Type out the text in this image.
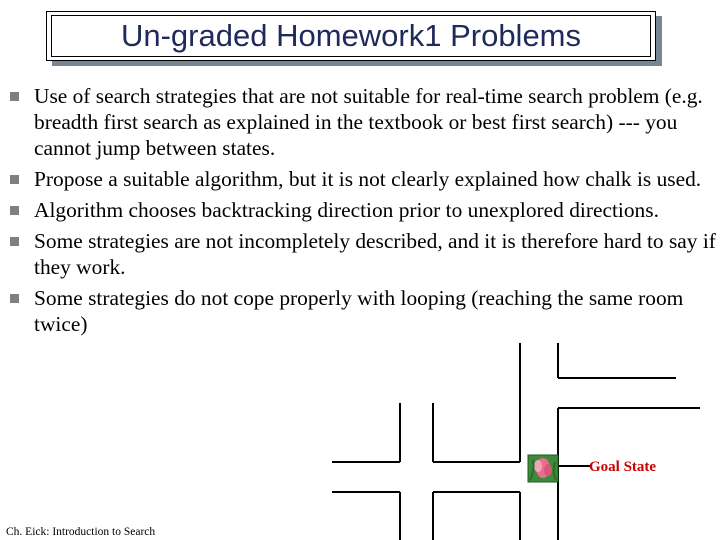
Un-graded Homework1 Problems
Use of search strategies that are not suitable for real-time search problem (e.g. breadth first search as explained in the textbook or best first search) --- you cannot jump between states.
Propose a suitable algorithm, but it is not clearly explained how chalk is used.
Algorithm chooses backtracking direction prior to unexplored directions.
Some strategies are not incompletely described, and it is therefore hard to say if they work.
Some strategies do not cope properly with looping (reaching the same room twice)
Goal State
Ch. Eick: Introduction to Search
